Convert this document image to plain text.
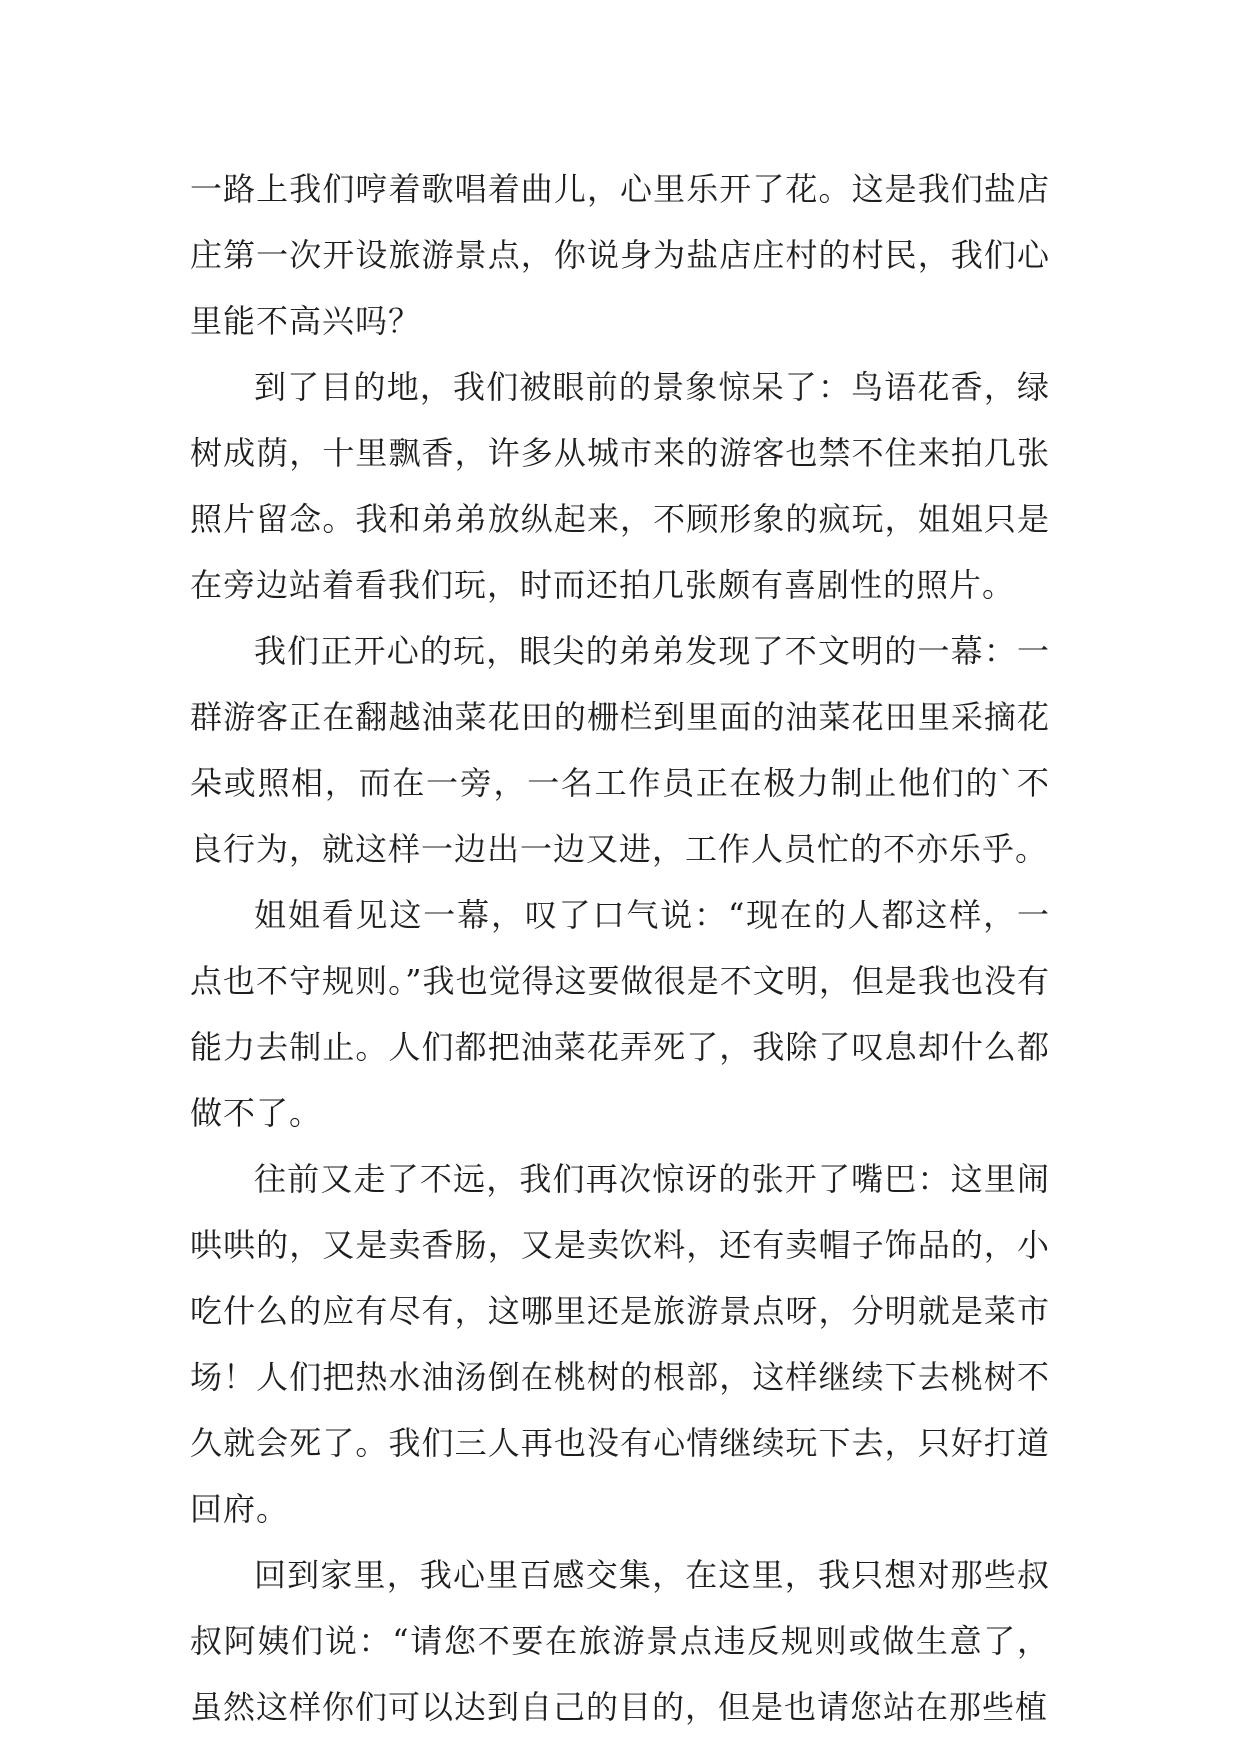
一路上我们哼着歌唱着曲儿，心里乐开了花。这是我们盐店庄第一次开设旅游景点，你说身为盐店庄村的村民，我们心里能不高兴吗？

到了目的地，我们被眼前的景象惊呆了：鸟语花香，绿树成荫，十里飘香，许多从城市来的游客也禁不住来拍几张照片留念。我和弟弟放纵起来，不顾形象的疯玩，姐姐只是在旁边站着看我们玩，时而还拍几张颇有喜剧性的照片。

我们正开心的玩，眼尖的弟弟发现了不文明的一幕：一群游客正在翻越油菜花田的栅栏到里面的油菜花田里采摘花朵或照相，而在一旁，一名工作员正在极力制止他们的`不良行为，就这样一边出一边又进，工作人员忙的不亦乐乎。

姐姐看见这一幕，叹了口气说：“现在的人都这样，一点也不守规则。”我也觉得这要做很是不文明，但是我也没有能力去制止。人们都把油菜花弄死了，我除了叹息却什么都做不了。

往前又走了不远，我们再次惊讶的张开了嘴巴：这里闹哄哄的，又是卖香肠，又是卖饮料，还有卖帽子饰品的，小吃什么的应有尽有，这哪里还是旅游景点呀，分明就是菜市场！人们把热水油汤倒在桃树的根部，这样继续下去桃树不久就会死了。我们三人再也没有心情继续玩下去，只好打道回府。

回到家里，我心里百感交集，在这里，我只想对那些叔叔阿姨们说：“请您不要在旅游景点违反规则或做生意了，虽然这样你们可以达到自己的目的，但是也请您站在那些植
